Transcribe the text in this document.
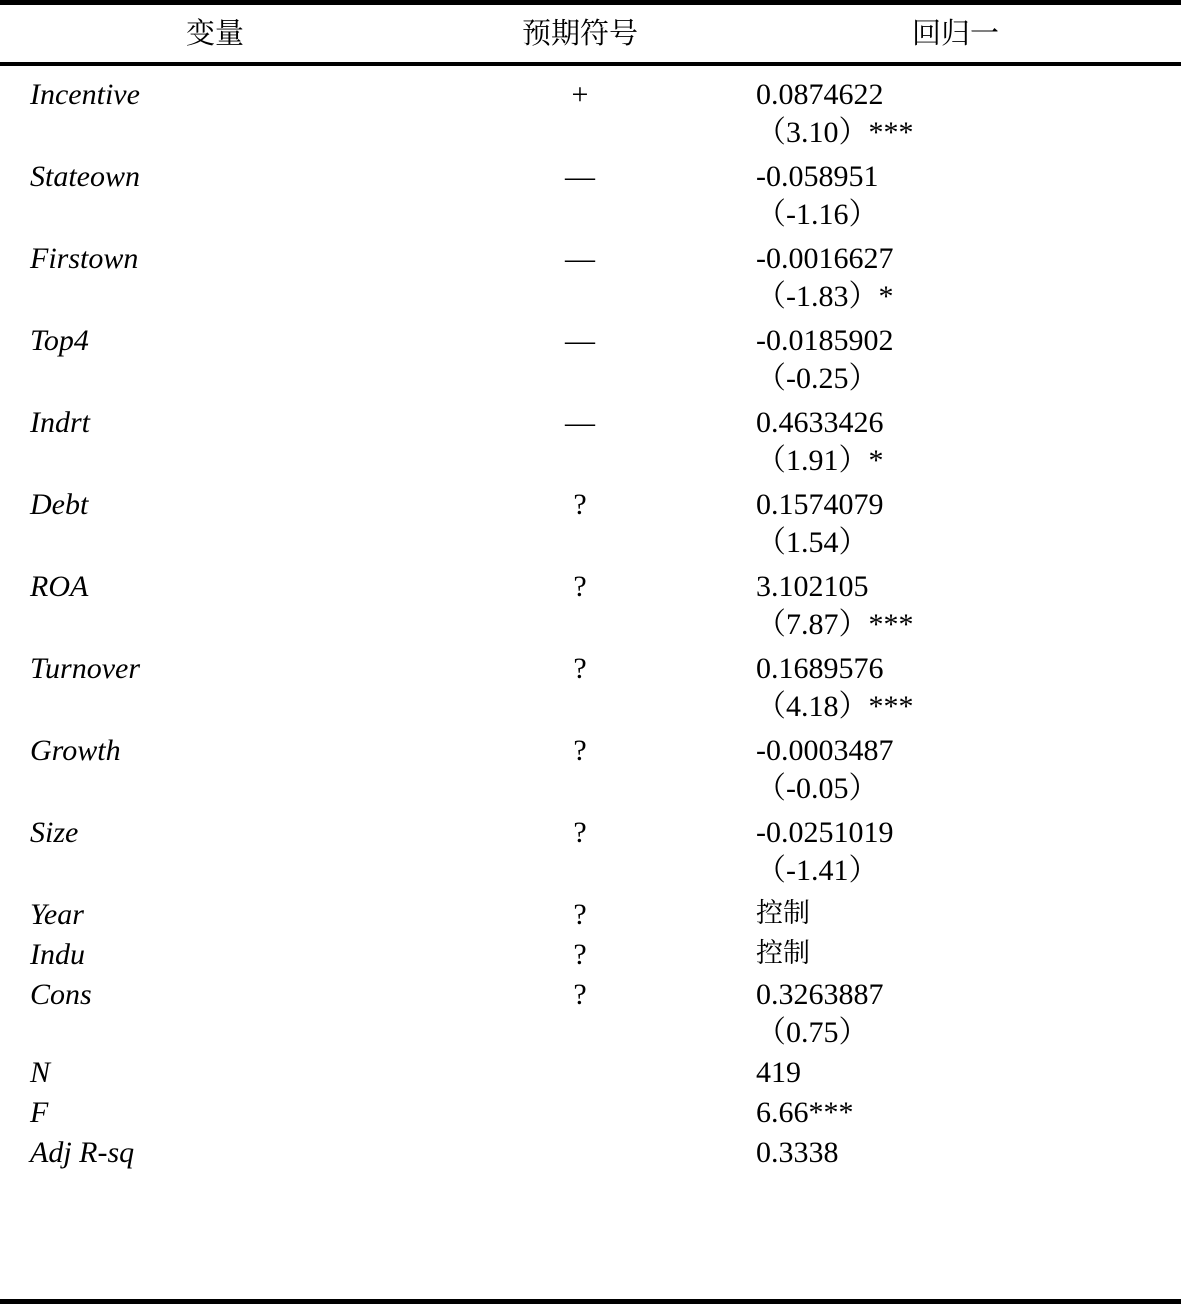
变量	预期符号	回归一

Incentive	+	0.0874622
		（3.10）***
Stateown	—	-0.058951
		（-1.16）
Firstown	—	-0.0016627
		（-1.83）*
Top4	—	-0.0185902
		（-0.25）
Indrt	—	0.4633426
		（1.91）*
Debt	?	0.1574079
		（1.54）
ROA	?	3.102105
		（7.87）***
Turnover	?	0.1689576
		（4.18）***
Growth	?	-0.0003487
		（-0.05）
Size	?	-0.0251019
		（-1.41）
Year	?	控制
Indu	?	控制
Cons	?	0.3263887
		（0.75）
N		419
F		6.66***
Adj R-sq		0.3338
